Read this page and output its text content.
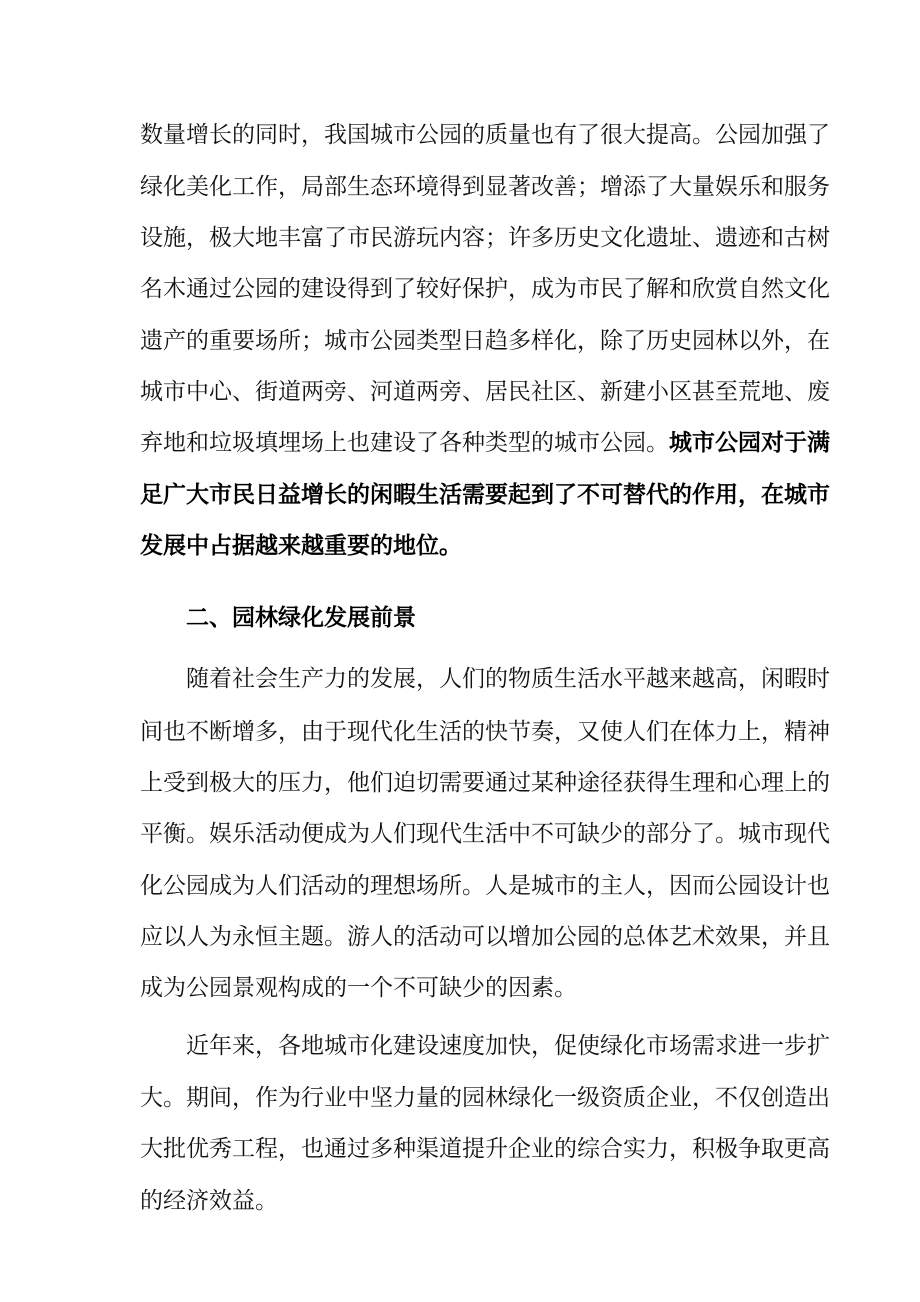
数量增长的同时，我国城市公园的质量也有了很大提高。公园加强了
绿化美化工作，局部生态环境得到显著改善；增添了大量娱乐和服务
设施，极大地丰富了市民游玩内容；许多历史文化遗址、遗迹和古树
名木通过公园的建设得到了较好保护，成为市民了解和欣赏自然文化
遗产的重要场所；城市公园类型日趋多样化，除了历史园林以外，在
城市中心、街道两旁、河道两旁、居民社区、新建小区甚至荒地、废
弃地和垃圾填埋场上也建设了各种类型的城市公园。城市公园对于满
足广大市民日益增长的闲暇生活需要起到了不可替代的作用，在城市
发展中占据越来越重要的地位。
二、园林绿化发展前景
随着社会生产力的发展，人们的物质生活水平越来越高，闲暇时
间也不断增多，由于现代化生活的快节奏，又使人们在体力上，精神
上受到极大的压力，他们迫切需要通过某种途径获得生理和心理上的
平衡。娱乐活动便成为人们现代生活中不可缺少的部分了。城市现代
化公园成为人们活动的理想场所。人是城市的主人，因而公园设计也
应以人为永恒主题。游人的活动可以增加公园的总体艺术效果，并且
成为公园景观构成的一个不可缺少的因素。
近年来，各地城市化建设速度加快，促使绿化市场需求进一步扩
大。期间，作为行业中坚力量的园林绿化一级资质企业，不仅创造出
大批优秀工程，也通过多种渠道提升企业的综合实力，积极争取更高
的经济效益。
